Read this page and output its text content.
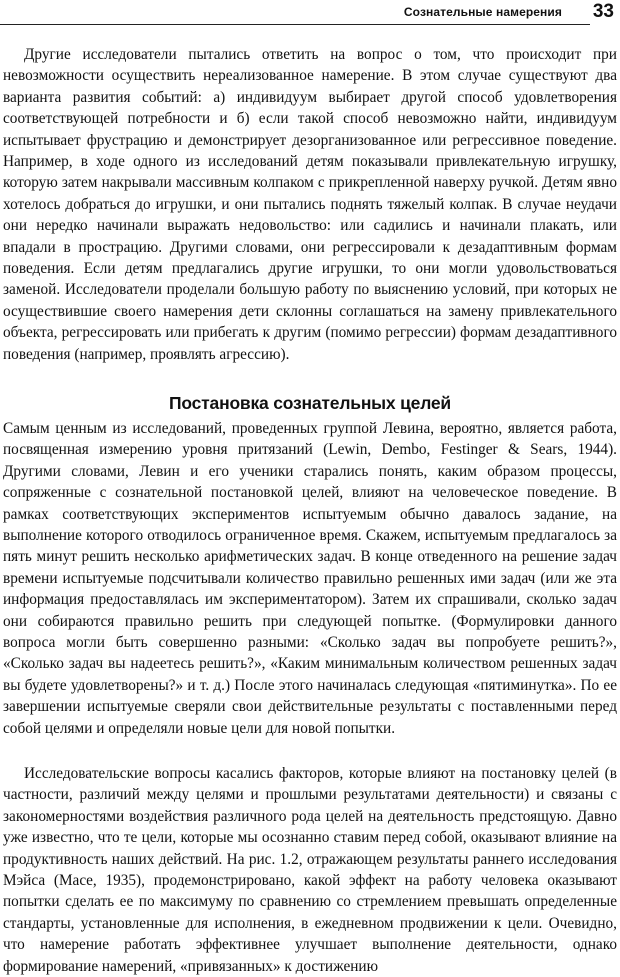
Сознательные намерения 33

Другие исследователи пытались ответить на вопрос о том, что происходит при невозможности осуществить нереализованное намерение. В этом случае существуют два варианта развития событий: а) индивидуум выбирает другой способ удовлетворения соответствующей потребности и б) если такой способ невозможно найти, индивидуум испытывает фрустрацию и демонстрирует дезорганизованное или регрессивное поведение. Например, в ходе одного из исследований детям показывали привлекательную игрушку, которую затем накрывали массивным колпаком с прикрепленной наверху ручкой. Детям явно хотелось добраться до игрушки, и они пытались поднять тяжелый колпак. В случае неудачи они нередко начинали выражать недовольство: или садились и начинали плакать, или впадали в прострацию. Другими словами, они регрессировали к дезадаптивным формам поведения. Если детям предлагались другие игрушки, то они могли удовольствоваться заменой. Исследователи проделали большую работу по выяснению условий, при которых не осуществившие своего намерения дети склонны соглашаться на замену привлекательного объекта, регрессировать или прибегать к другим (помимо регрессии) формам дезадаптивного поведения (например, проявлять агрессию).

Постановка сознательных целей

Самым ценным из исследований, проведенных группой Левина, вероятно, является работа, посвященная измерению уровня притязаний (Lewin, Dembo, Festinger & Sears, 1944). Другими словами, Левин и его ученики старались понять, каким образом процессы, сопряженные с сознательной постановкой целей, влияют на человеческое поведение. В рамках соответствующих экспериментов испытуемым обычно давалось задание, на выполнение которого отводилось ограниченное время. Скажем, испытуемым предлагалось за пять минут решить несколько арифметических задач. В конце отведенного на решение задач времени испытуемые подсчитывали количество правильно решенных ими задач (или же эта информация предоставлялась им экспериментатором). Затем их спрашивали, сколько задач они собираются правильно решить при следующей попытке. (Формулировки данного вопроса могли быть совершенно разными: «Сколько задач вы попробуете решить?», «Сколько задач вы надеетесь решить?», «Каким минимальным количеством решенных задач вы будете удовлетворены?» и т. д.) После этого начиналась следующая «пятиминутка». По ее завершении испытуемые сверяли свои действительные результаты с поставленными перед собой целями и определяли новые цели для новой попытки.

Исследовательские вопросы касались факторов, которые влияют на постановку целей (в частности, различий между целями и прошлыми результатами деятельности) и связаны с закономерностями воздействия различного рода целей на деятельность предстоящую. Давно уже известно, что те цели, которые мы осознанно ставим перед собой, оказывают влияние на продуктивность наших действий. На рис. 1.2, отражающем результаты раннего исследования Мэйса (Mace, 1935), продемонстрировано, какой эффект на работу человека оказывают попытки сделать ее по максимуму по сравнению со стремлением превышать определенные стандарты, установленные для исполнения, в ежедневном продвижении к цели. Очевидно, что намерение работать эффективнее улучшает выполнение деятельности, однако формирование намерений, «привязанных» к достижению
